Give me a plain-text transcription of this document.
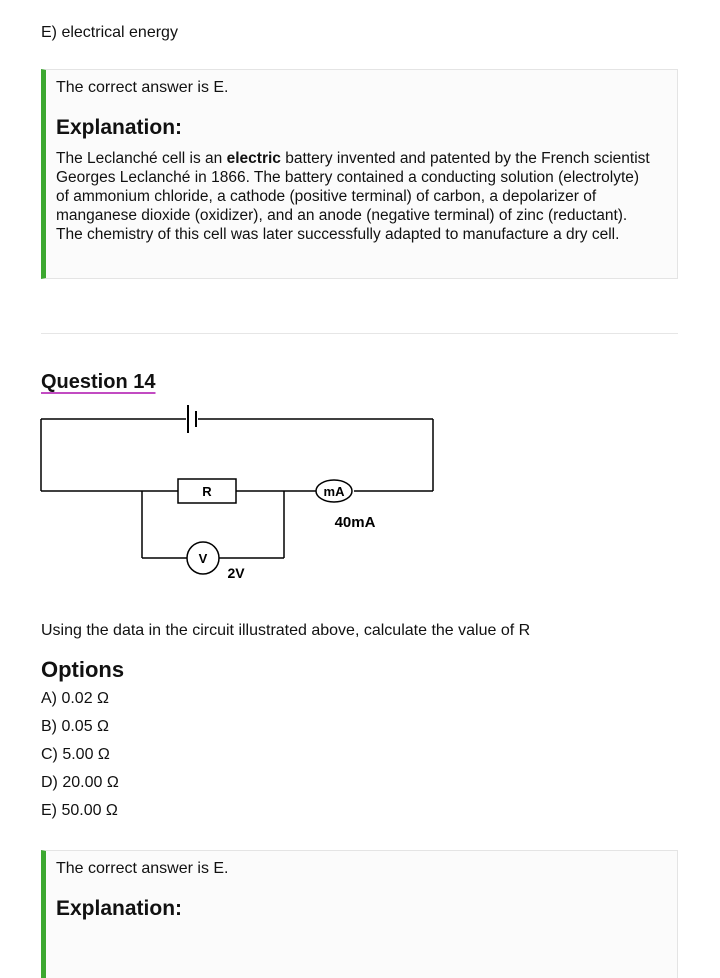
E) electrical energy
The correct answer is E.
Explanation:
The Leclanché cell is an electric battery invented and patented by the French scientist Georges Leclanché in 1866. The battery contained a conducting solution (electrolyte) of ammonium chloride, a cathode (positive terminal) of carbon, a depolarizer of manganese dioxide (oxidizer), and an anode (negative terminal) of zinc (reductant). The chemistry of this cell was later successfully adapted to manufacture a dry cell.
Question 14
R	mA
40mA
V
2V
Using the data in the circuit illustrated above, calculate the value of R
Options
A) 0.02 Ω
B) 0.05 Ω
C) 5.00 Ω
D) 20.00 Ω
E) 50.00 Ω
The correct answer is E.
Explanation:
